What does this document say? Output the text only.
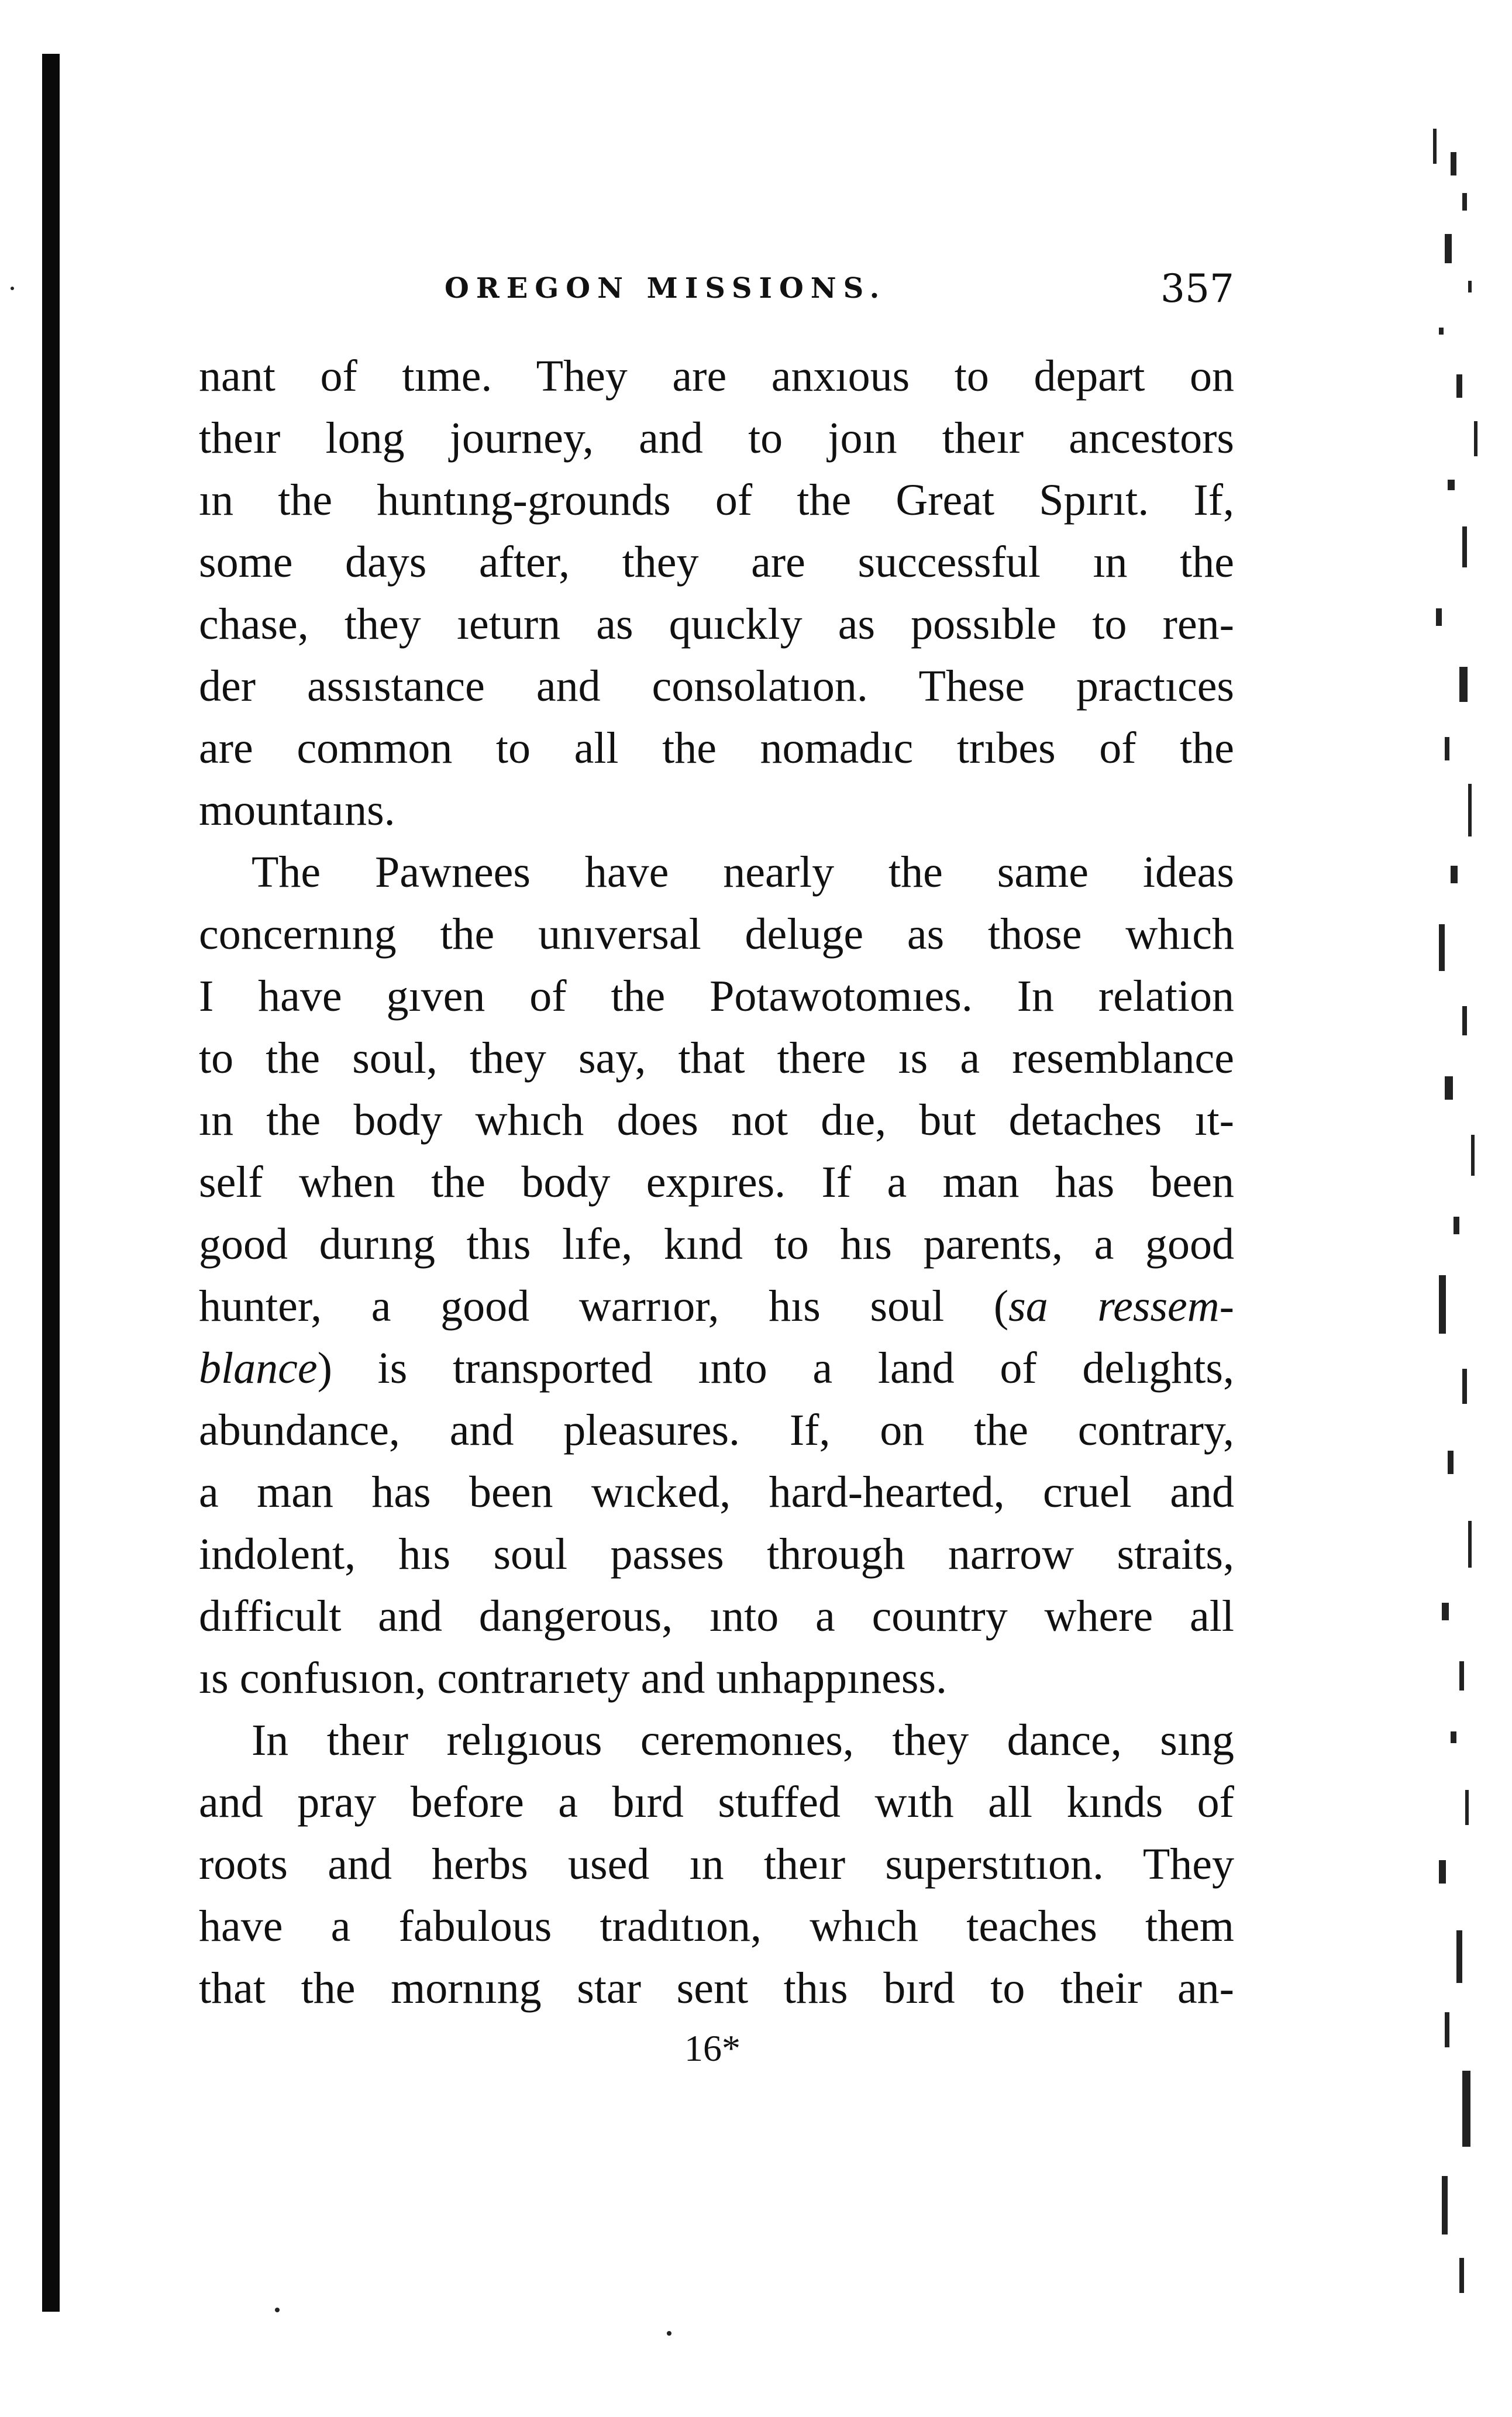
OREGON MISSIONS.	357
nant of tıme. They are anxıous to depart on
theır long journey, and to joın theır ancestors
ın the huntıng-grounds of the Great Spırıt. If,
some days after, they are successful ın the
chase, they ıeturn as quıckly as possıble to ren-
der assıstance and consolatıon. These practıces
are common to all the nomadıc trıbes of the
mountaıns.
The Pawnees have nearly the same ideas
concernıng the unıversal deluge as those whıch
I have gıven of the Potawotomıes. In relation
to the soul, they say, that there ıs a resemblance
ın the body whıch does not dıe, but detaches ıt-
self when the body expıres. If a man has been
good durıng thıs lıfe, kınd to hıs parents, a good
hunter, a good warrıor, hıs soul (sa ressem-
blance) is transported ınto a land of delıghts,
abundance, and pleasures. If, on the contrary,
a man has been wıcked, hard-hearted, cruel and
indolent, hıs soul passes through narrow straits,
dıfficult and dangerous, ınto a country where all
ıs confusıon, contrarıety and unhappıness.
In theır relıgıous ceremonıes, they dance, sıng
and pray before a bırd stuffed wıth all kınds of
roots and herbs used ın theır superstıtıon. They
have a fabulous tradıtıon, whıch teaches them
that the mornıng star sent thıs bırd to their an-
16*
